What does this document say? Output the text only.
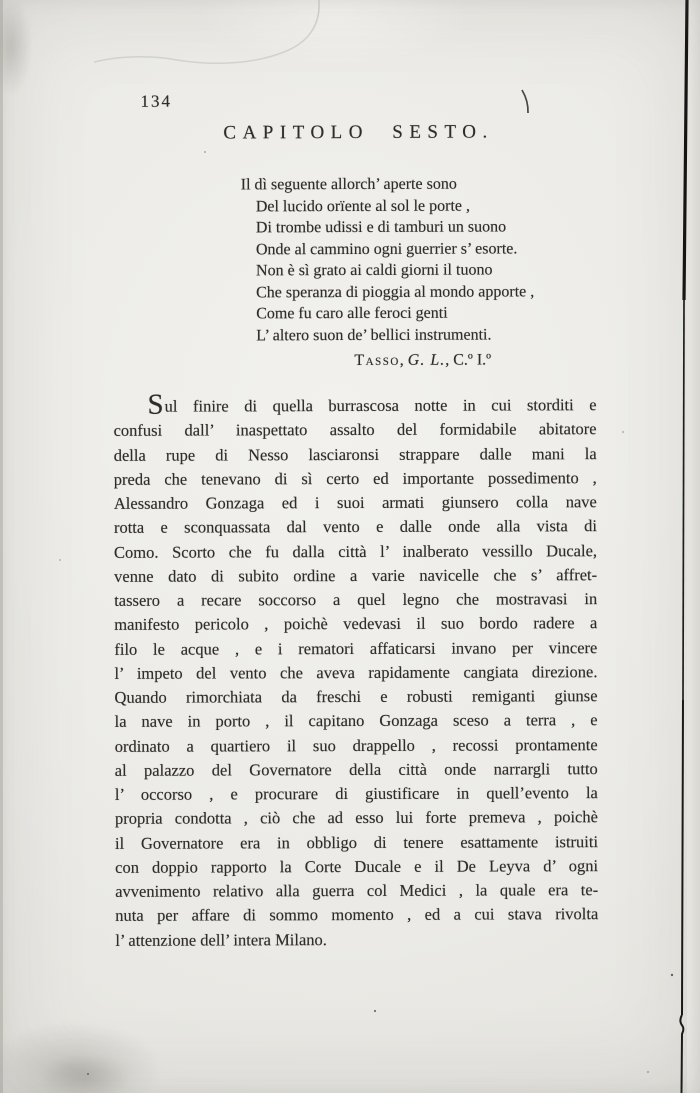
134
CAPITOLO SESTO.
Il dì seguente allorch’ aperte sono
Del lucido orïente al sol le porte ,
Di trombe udissi e di tamburi un suono
Onde al cammino ogni guerrier s’ esorte.
Non è sì grato ai caldi giorni il tuono
Che speranza di pioggia al mondo apporte ,
Come fu caro alle feroci genti
L’ altero suon de’ bellici instrumenti.
Tasso, G. L., C.º I.º
Sul finire di quella burrascosa notte in cui storditi e
confusi dall’ inaspettato assalto del formidabile abitatore
della rupe di Nesso lasciaronsi strappare dalle mani la
preda che tenevano di sì certo ed importante possedimento ,
Alessandro Gonzaga ed i suoi armati giunsero colla nave
rotta e sconquassata dal vento e dalle onde alla vista di
Como. Scorto che fu dalla città l’ inalberato vessillo Ducale,
venne dato di subito ordine a varie navicelle che s’ affret-
tassero a recare soccorso a quel legno che mostravasi in
manifesto pericolo , poichè vedevasi il suo bordo radere a
filo le acque , e i rematori affaticarsi invano per vincere
l’ impeto del vento che aveva rapidamente cangiata direzione.
Quando rimorchiata da freschi e robusti remiganti giunse
la nave in porto , il capitano Gonzaga sceso a terra , e
ordinato a quartiero il suo drappello , recossi prontamente
al palazzo del Governatore della città onde narrargli tutto
l’ occorso , e procurare di giustificare in quell’evento la
propria condotta , ciò che ad esso lui forte premeva , poichè
il Governatore era in obbligo di tenere esattamente istruiti
con doppio rapporto la Corte Ducale e il De Leyva d’ ogni
avvenimento relativo alla guerra col Medici , la quale era te-
nuta per affare di sommo momento , ed a cui stava rivolta
l’ attenzione dell’ intera Milano.
